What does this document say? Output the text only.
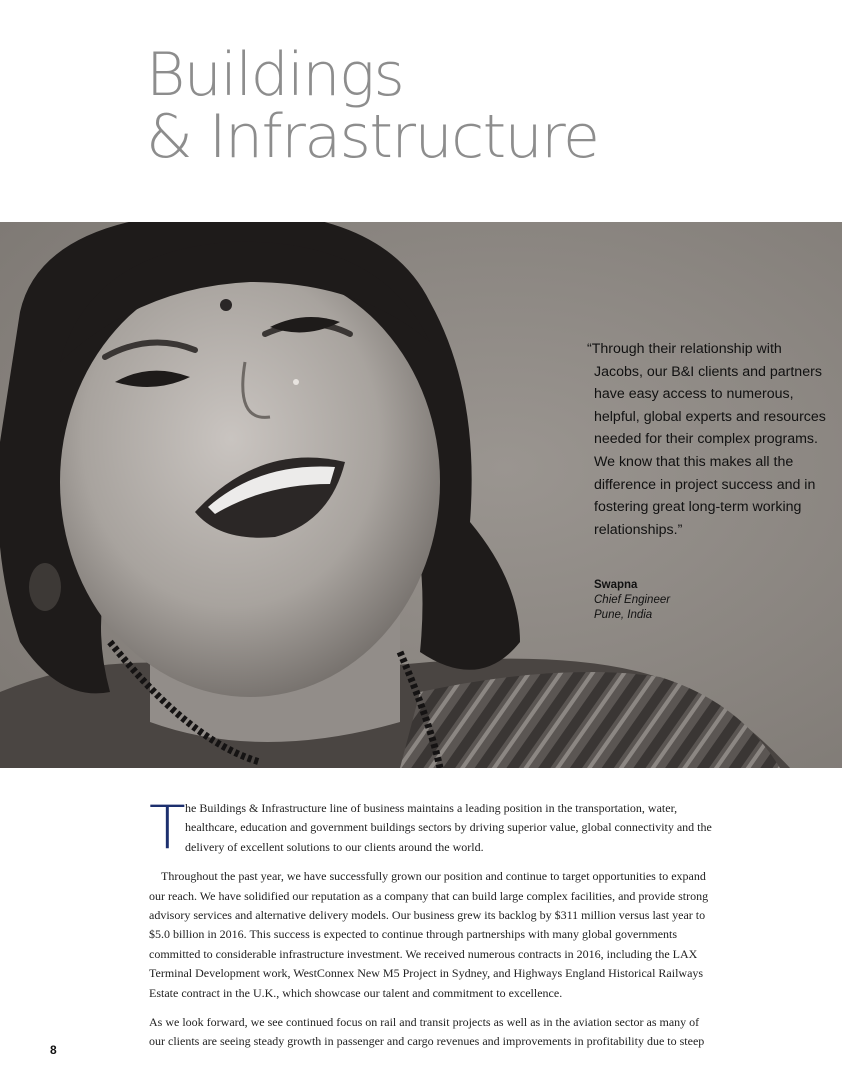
Buildings
& Infrastructure
“Through their relationship with Jacobs, our B&I clients and partners have easy access to numerous, helpful, global experts and resources needed for their complex programs. We know that this makes all the difference in project success and in fostering great long-term working relationships.”
Swapna
Chief Engineer
Pune, India
T he Buildings & Infrastructure line of business maintains a leading position in the transportation, water, healthcare, education and government buildings sectors by driving superior value, global connectivity and the delivery of excellent solutions to our clients around the world.

Throughout the past year, we have successfully grown our position and continue to target opportunities to expand our reach. We have solidified our reputation as a company that can build large complex facilities, and provide strong advisory services and alternative delivery models. Our business grew its backlog by $311 million versus last year to $5.0 billion in 2016. This success is expected to continue through partnerships with many global governments committed to considerable infrastructure investment. We received numerous contracts in 2016, including the LAX Terminal Development work, WestConnex New M5 Project in Sydney, and Highways England Historical Railways Estate contract in the U.K., which showcase our talent and commitment to excellence.

As we look forward, we see continued focus on rail and transit projects as well as in the aviation sector as many of our clients are seeing steady growth in passenger and cargo revenues and improvements in profitability due to steep

8
